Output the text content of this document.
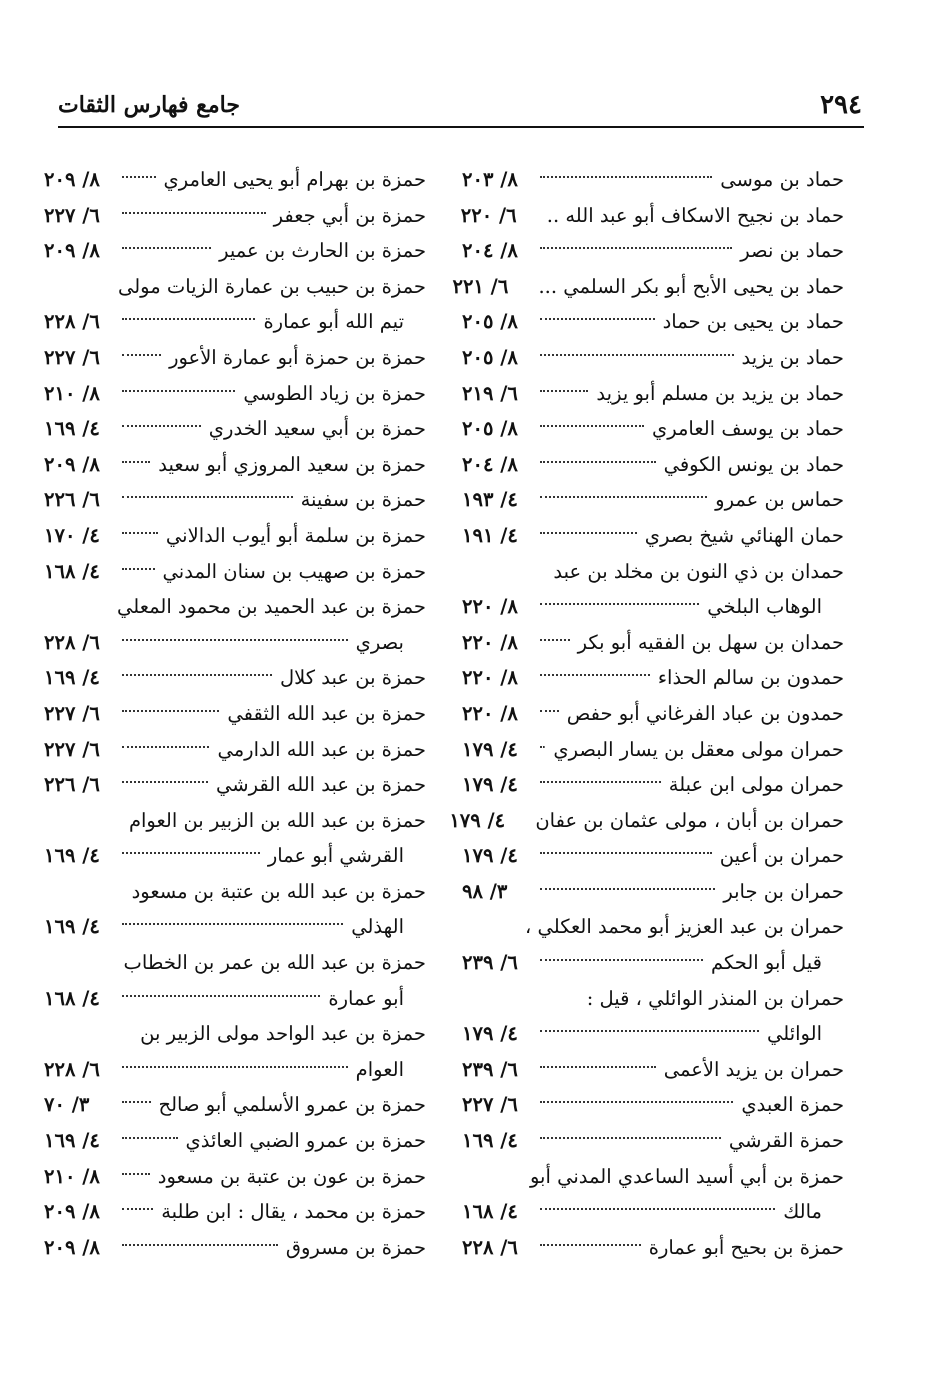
٢٩٤
جامع فهارس الثقات
حماد بن موسى
٨/ ٢٠٣
حماد بن نجيح الاسكاف أبو عبد الله ..
٦/ ٢٢٠
حماد بن نصر
٨/ ٢٠٤
حماد بن يحيى الأبح أبو بكر السلمي ...
٦/ ٢٢١
حماد بن يحيى بن حماد
٨/ ٢٠٥
حماد بن يزيد
٨/ ٢٠٥
حماد بن يزيد بن مسلم أبو يزيد
٦/ ٢١٩
حماد بن يوسف العامري
٨/ ٢٠٥
حماد بن يونس الكوفي
٨/ ٢٠٤
حماس بن عمرو
٤/ ١٩٣
حمان الهنائي شيخ بصري
٤/ ١٩١
حمدان بن ذي النون بن مخلد بن عبد
الوهاب البلخي
٨/ ٢٢٠
حمدان بن سهل بن الفقيه أبو بكر
٨/ ٢٢٠
حمدون بن سالم الحذاء
٨/ ٢٢٠
حمدون بن عباد الفرغاني أبو حفص
٨/ ٢٢٠
حمران مولى معقل بن يسار البصري
٤/ ١٧٩
حمران مولى ابن عبلة
٤/ ١٧٩
حمران بن أبان ، مولى عثمان بن عفان
٤/ ١٧٩
حمران بن أعين
٤/ ١٧٩
حمران بن جابر
٣/ ٩٨
حمران بن عبد العزيز أبو محمد العكلي ،
قيل أبو الحكم
٦/ ٢٣٩
حمران بن المنذر الوائلي ، قيل :
الوائلي
٤/ ١٧٩
حمران بن يزيد الأعمى
٦/ ٢٣٩
حمزة العبدي
٦/ ٢٢٧
حمزة القرشي
٤/ ١٦٩
حمزة بن أبي أسيد الساعدي المدني أبو
مالك
٤/ ١٦٨
حمزة بن بحيح أبو عمارة
٦/ ٢٢٨
حمزة بن بهرام أبو يحيى العامري
٨/ ٢٠٩
حمزة بن أبي جعفر
٦/ ٢٢٧
حمزة بن الحارث بن عمير
٨/ ٢٠٩
حمزة بن حبيب بن عمارة الزيات مولى
تيم الله أبو عمارة
٦/ ٢٢٨
حمزة بن حمزة أبو عمارة الأعور
٦/ ٢٢٧
حمزة بن زياد الطوسي
٨/ ٢١٠
حمزة بن أبي سعيد الخدري
٤/ ١٦٩
حمزة بن سعيد المروزي أبو سعيد
٨/ ٢٠٩
حمزة بن سفينة
٦/ ٢٢٦
حمزة بن سلمة أبو أيوب الدالاني
٤/ ١٧٠
حمزة بن صهيب بن سنان المدني
٤/ ١٦٨
حمزة بن عبد الحميد بن محمود المعلي
بصري
٦/ ٢٢٨
حمزة بن عبد كلال
٤/ ١٦٩
حمزة بن عبد الله الثقفي
٦/ ٢٢٧
حمزة بن عبد الله الدارمي
٦/ ٢٢٧
حمزة بن عبد الله القرشي
٦/ ٢٢٦
حمزة بن عبد الله بن الزبير بن العوام
القرشي أبو عمار
٤/ ١٦٩
حمزة بن عبد الله بن عتبة بن مسعود
الهذلي
٤/ ١٦٩
حمزة بن عبد الله بن عمر بن الخطاب
أبو عمارة
٤/ ١٦٨
حمزة بن عبد الواحد مولى الزبير بن
العوام
٦/ ٢٢٨
حمزة بن عمرو الأسلمي أبو صالح
٣/ ٧٠
حمزة بن عمرو الضبي العائذي
٤/ ١٦٩
حمزة بن عون بن عتبة بن مسعود
٨/ ٢١٠
حمزة بن محمد ، يقال : ابن طلبة
٨/ ٢٠٩
حمزة بن مسروق
٨/ ٢٠٩
